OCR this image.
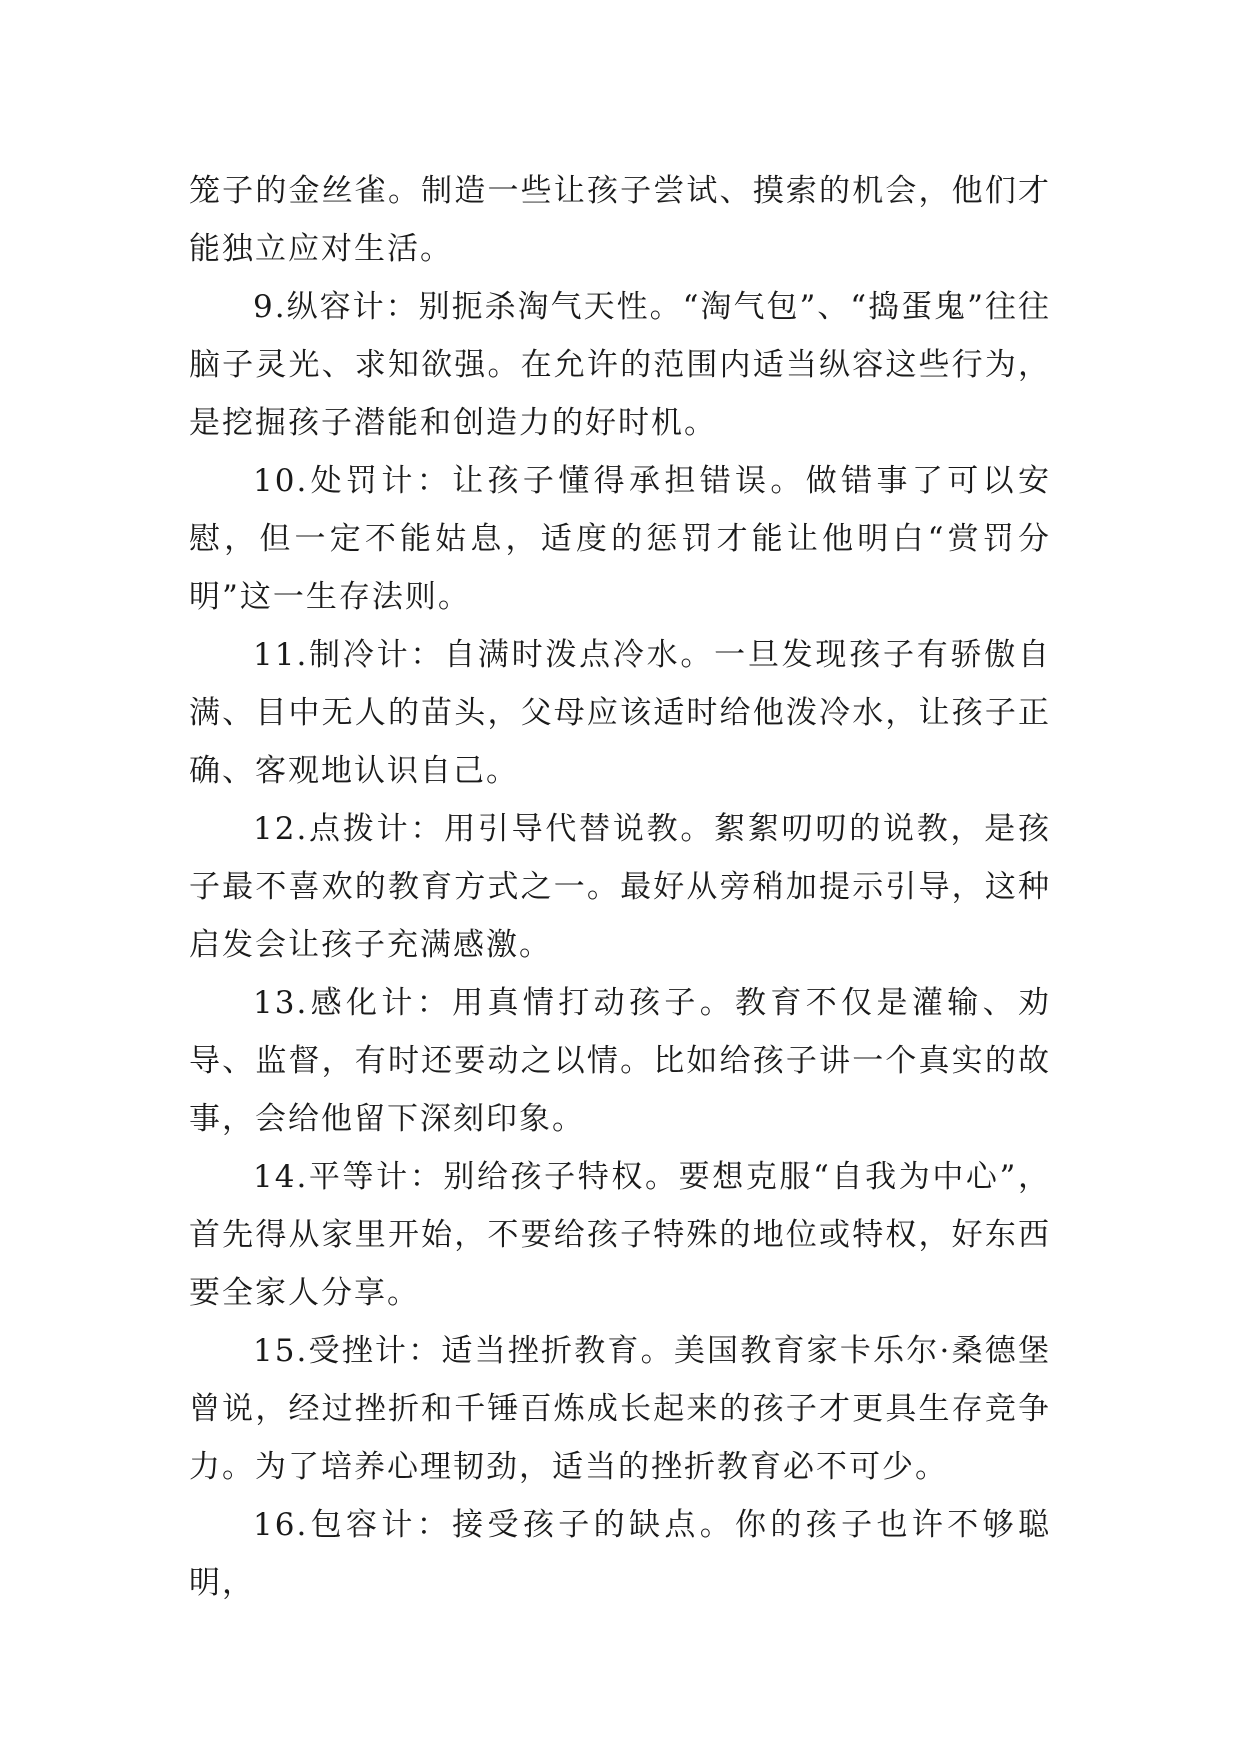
笼子的金丝雀。制造一些让孩子尝试、摸索的机会，他们才能独立应对生活。

9.纵容计：别扼杀淘气天性。“淘气包”、“捣蛋鬼”往往脑子灵光、求知欲强。在允许的范围内适当纵容这些行为，是挖掘孩子潜能和创造力的好时机。

10.处罚计：让孩子懂得承担错误。做错事了可以安慰，但一定不能姑息，适度的惩罚才能让他明白“赏罚分明”这一生存法则。

11.制冷计：自满时泼点冷水。一旦发现孩子有骄傲自满、目中无人的苗头，父母应该适时给他泼冷水，让孩子正确、客观地认识自己。

12.点拨计：用引导代替说教。絮絮叨叨的说教，是孩子最不喜欢的教育方式之一。最好从旁稍加提示引导，这种启发会让孩子充满感激。

13.感化计：用真情打动孩子。教育不仅是灌输、劝导、监督，有时还要动之以情。比如给孩子讲一个真实的故事，会给他留下深刻印象。

14.平等计：别给孩子特权。要想克服“自我为中心”，首先得从家里开始，不要给孩子特殊的地位或特权，好东西要全家人分享。

15.受挫计：适当挫折教育。美国教育家卡乐尔·桑德堡曾说，经过挫折和千锤百炼成长起来的孩子才更具生存竞争力。为了培养心理韧劲，适当的挫折教育必不可少。

16.包容计：接受孩子的缺点。你的孩子也许不够聪明，
